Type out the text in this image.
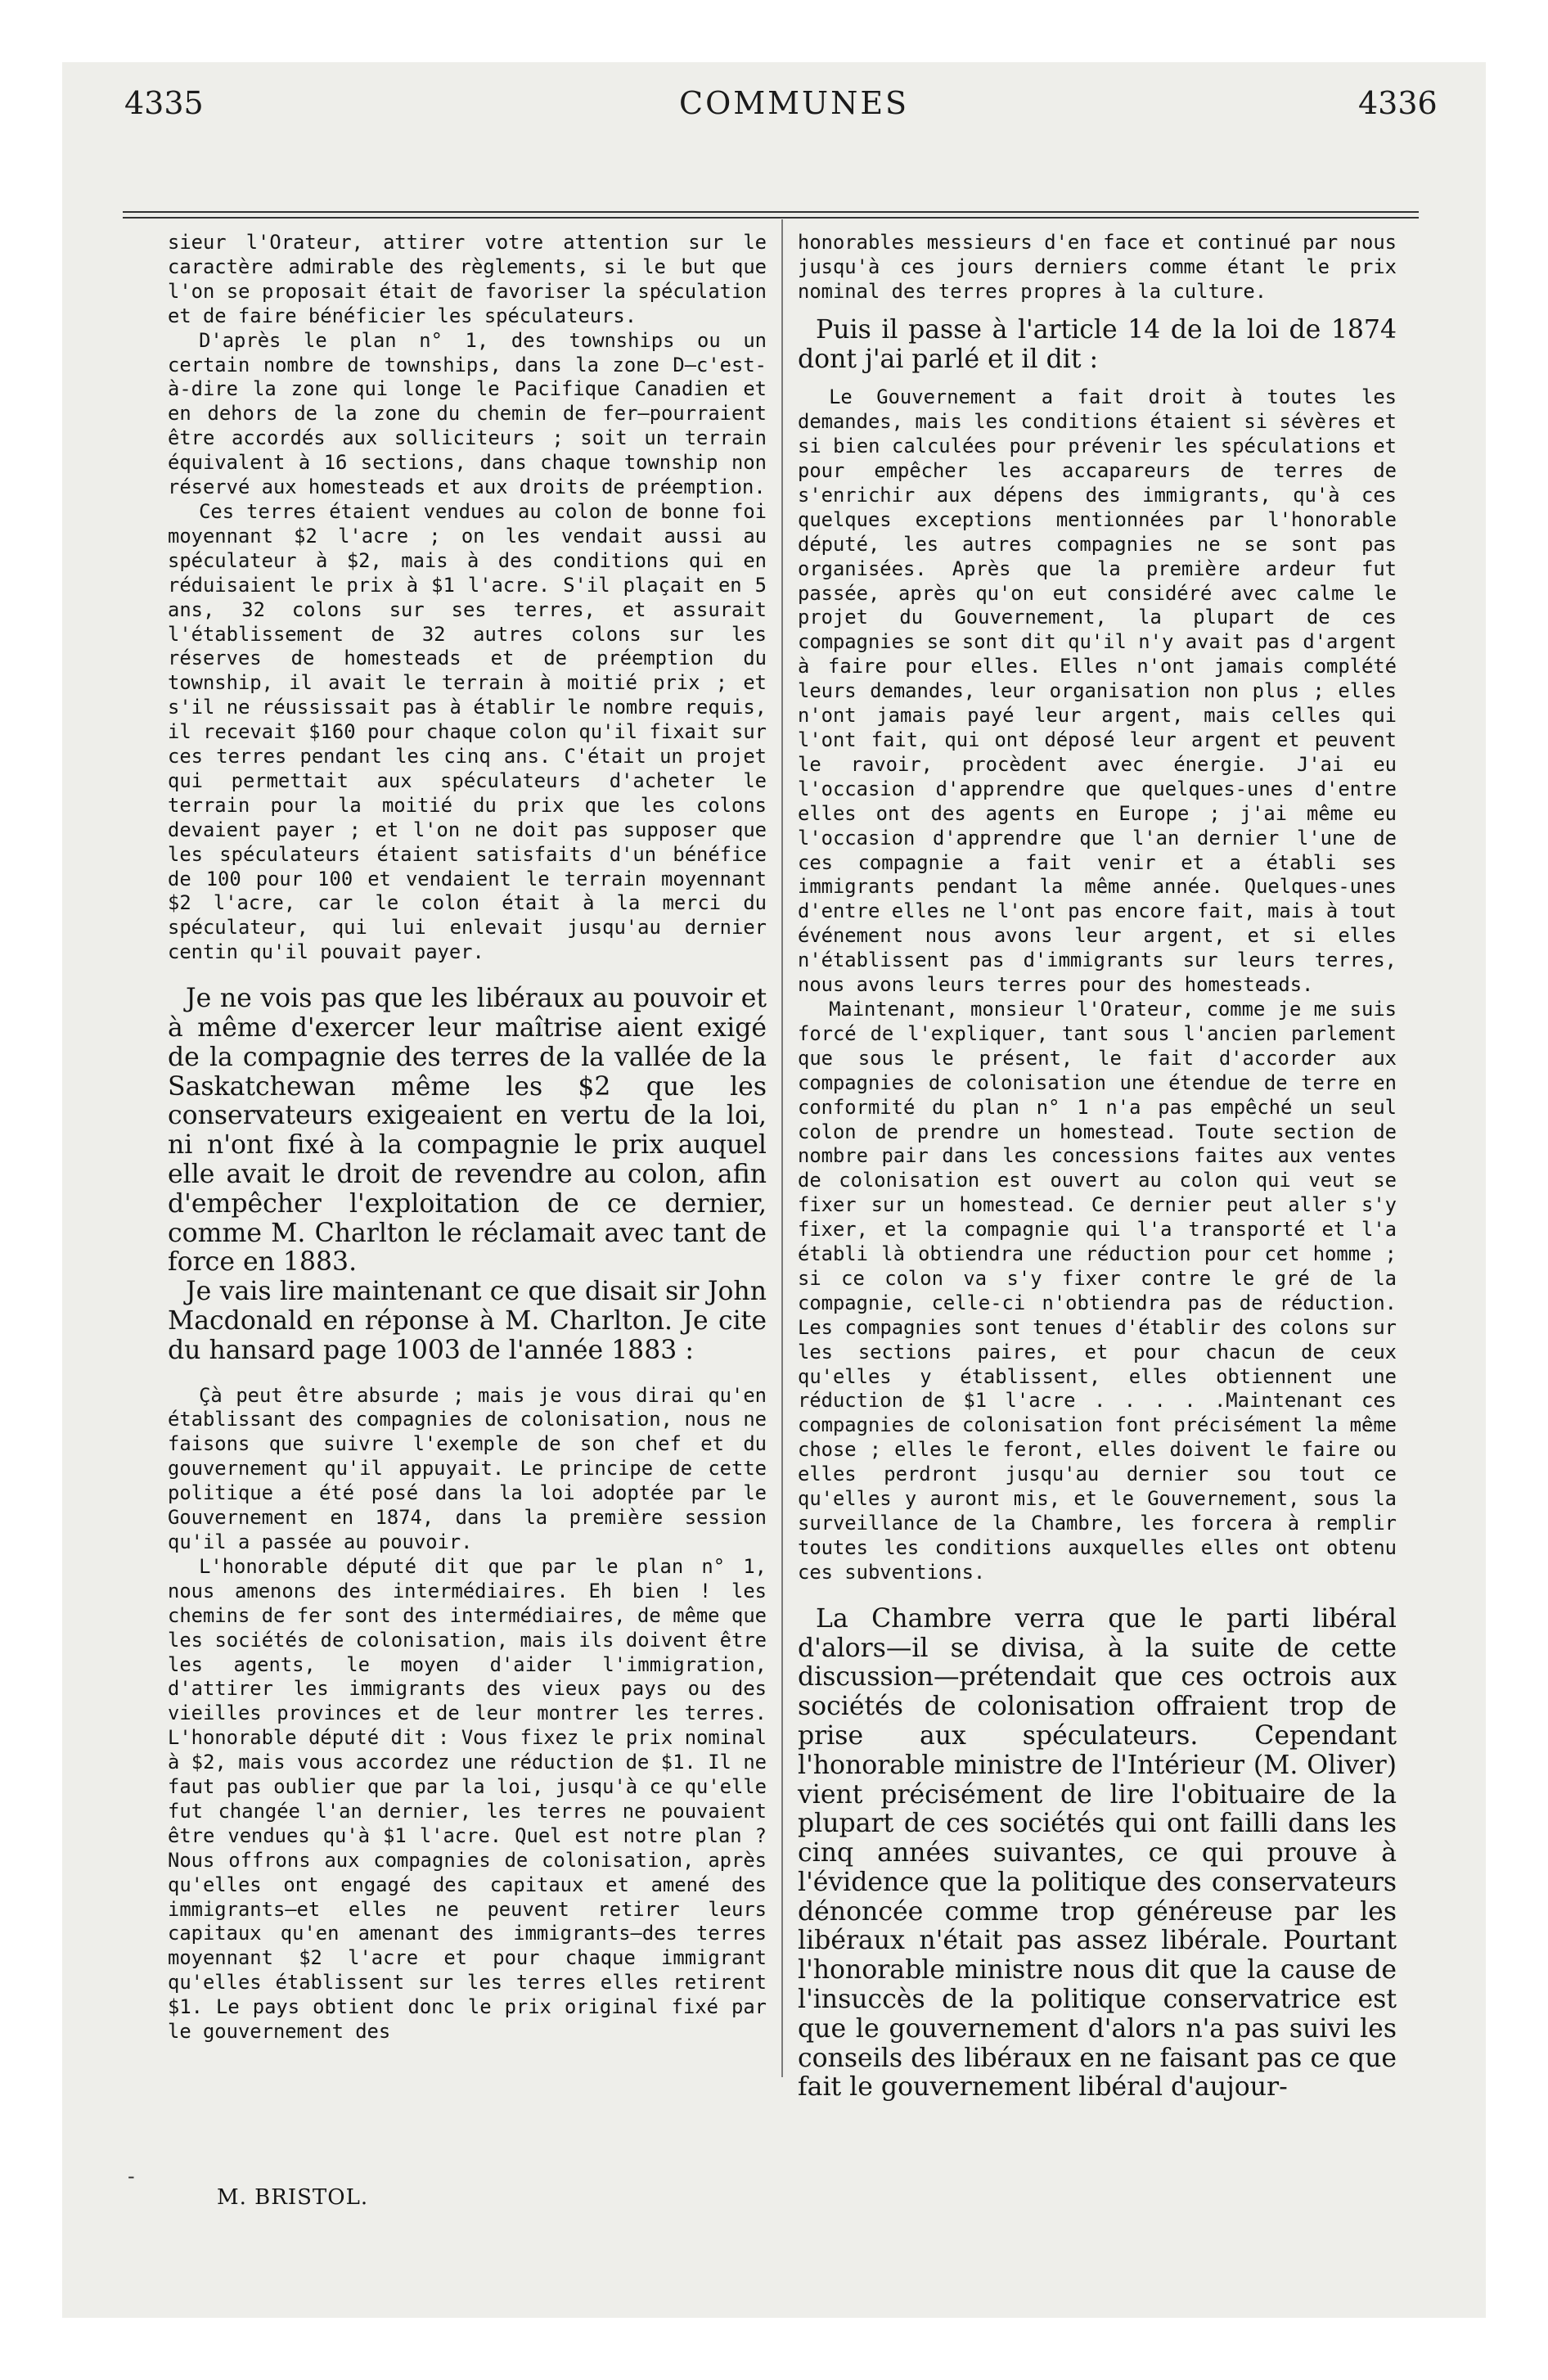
4335	COMMUNES	4336

sieur l'Orateur, attirer votre attention sur le caractère admirable des règlements, si le but que l'on se proposait était de favoriser la spéculation et de faire bénéficier les spéculateurs.

D'après le plan n° 1, des townships ou un certain nombre de townships, dans la zone D—c'est-à-dire la zone qui longe le Pacifique Canadien et en dehors de la zone du chemin de fer—pourraient être accordés aux solliciteurs ; soit un terrain équivalent à 16 sections, dans chaque township non réservé aux homesteads et aux droits de préemption.

Ces terres étaient vendues au colon de bonne foi moyennant $2 l'acre ; on les vendait aussi au spéculateur à $2, mais à des conditions qui en réduisaient le prix à $1 l'acre. S'il plaçait en 5 ans, 32 colons sur ses terres, et assurait l'établissement de 32 autres colons sur les réserves de homesteads et de préemption du township, il avait le terrain à moitié prix ; et s'il ne réussissait pas à établir le nombre requis, il recevait $160 pour chaque colon qu'il fixait sur ces terres pendant les cinq ans. C'était un projet qui permettait aux spéculateurs d'acheter le terrain pour la moitié du prix que les colons devaient payer ; et l'on ne doit pas supposer que les spéculateurs étaient satisfaits d'un bénéfice de 100 pour 100 et vendaient le terrain moyennant $2 l'acre, car le colon était à la merci du spéculateur, qui lui enlevait jusqu'au dernier centin qu'il pouvait payer.

Je ne vois pas que les libéraux au pouvoir et à même d'exercer leur maîtrise aient exigé de la compagnie des terres de la vallée de la Saskatchewan même les $2 que les conservateurs exigeaient en vertu de la loi, ni n'ont fixé à la compagnie le prix auquel elle avait le droit de revendre au colon, afin d'empêcher l'exploitation de ce dernier, comme M. Charlton le réclamait avec tant de force en 1883.

Je vais lire maintenant ce que disait sir John Macdonald en réponse à M. Charlton. Je cite du hansard page 1003 de l'année 1883 :

Çà peut être absurde ; mais je vous dirai qu'en établissant des compagnies de colonisation, nous ne faisons que suivre l'exemple de son chef et du gouvernement qu'il appuyait. Le principe de cette politique a été posé dans la loi adoptée par le Gouvernement en 1874, dans la première session qu'il a passée au pouvoir.

L'honorable député dit que par le plan n° 1, nous amenons des intermédiaires. Eh bien ! les chemins de fer sont des intermédiaires, de même que les sociétés de colonisation, mais ils doivent être les agents, le moyen d'aider l'immigration, d'attirer les immigrants des vieux pays ou des vieilles provinces et de leur montrer les terres. L'honorable député dit : Vous fixez le prix nominal à $2, mais vous accordez une réduction de $1. Il ne faut pas oublier que par la loi, jusqu'à ce qu'elle fut changée l'an dernier, les terres ne pouvaient être vendues qu'à $1 l'acre. Quel est notre plan ? Nous offrons aux compagnies de colonisation, après qu'elles ont engagé des capitaux et amené des immigrants—et elles ne peuvent retirer leurs capitaux qu'en amenant des immigrants—des terres moyennant $2 l'acre et pour chaque immigrant qu'elles établissent sur les terres elles retirent $1. Le pays obtient donc le prix original fixé par le gouvernement des

-
M. BRISTOL.

honorables messieurs d'en face et continué par nous jusqu'à ces jours derniers comme étant le prix nominal des terres propres à la culture.

Puis il passe à l'article 14 de la loi de 1874 dont j'ai parlé et il dit :

Le Gouvernement a fait droit à toutes les demandes, mais les conditions étaient si sévères et si bien calculées pour prévenir les spéculations et pour empêcher les accapareurs de terres de s'enrichir aux dépens des immigrants, qu'à ces quelques exceptions mentionnées par l'honorable député, les autres compagnies ne se sont pas organisées. Après que la première ardeur fut passée, après qu'on eut considéré avec calme le projet du Gouvernement, la plupart de ces compagnies se sont dit qu'il n'y avait pas d'argent à faire pour elles. Elles n'ont jamais complété leurs demandes, leur organisation non plus ; elles n'ont jamais payé leur argent, mais celles qui l'ont fait, qui ont déposé leur argent et peuvent le ravoir, procèdent avec énergie. J'ai eu l'occasion d'apprendre que quelques-unes d'entre elles ont des agents en Europe ; j'ai même eu l'occasion d'apprendre que l'an dernier l'une de ces compagnie a fait venir et a établi ses immigrants pendant la même année. Quelques-unes d'entre elles ne l'ont pas encore fait, mais à tout événement nous avons leur argent, et si elles n'établissent pas d'immigrants sur leurs terres, nous avons leurs terres pour des homesteads.

Maintenant, monsieur l'Orateur, comme je me suis forcé de l'expliquer, tant sous l'ancien parlement que sous le présent, le fait d'accorder aux compagnies de colonisation une étendue de terre en conformité du plan n° 1 n'a pas empêché un seul colon de prendre un homestead. Toute section de nombre pair dans les concessions faites aux ventes de colonisation est ouvert au colon qui veut se fixer sur un homestead. Ce dernier peut aller s'y fixer, et la compagnie qui l'a transporté et l'a établi là obtiendra une réduction pour cet homme ; si ce colon va s'y fixer contre le gré de la compagnie, celle-ci n'obtiendra pas de réduction. Les compagnies sont tenues d'établir des colons sur les sections paires, et pour chacun de ceux qu'elles y établissent, elles obtiennent une réduction de $1 l'acre . . . . .Maintenant ces compagnies de colonisation font précisément la même chose ; elles le feront, elles doivent le faire ou elles perdront jusqu'au dernier sou tout ce qu'elles y auront mis, et le Gouvernement, sous la surveillance de la Chambre, les forcera à remplir toutes les conditions auxquelles elles ont obtenu ces subventions.

La Chambre verra que le parti libéral d'alors—il se divisa, à la suite de cette discussion—prétendait que ces octrois aux sociétés de colonisation offraient trop de prise aux spéculateurs. Cependant l'honorable ministre de l'Intérieur (M. Oliver) vient précisément de lire l'obituaire de la plupart de ces sociétés qui ont failli dans les cinq années suivantes, ce qui prouve à l'évidence que la politique des conservateurs dénoncée comme trop généreuse par les libéraux n'était pas assez libérale. Pourtant l'honorable ministre nous dit que la cause de l'insuccès de la politique conservatrice est que le gouvernement d'alors n'a pas suivi les conseils des libéraux en ne faisant pas ce que fait le gouvernement libéral d'aujour-
